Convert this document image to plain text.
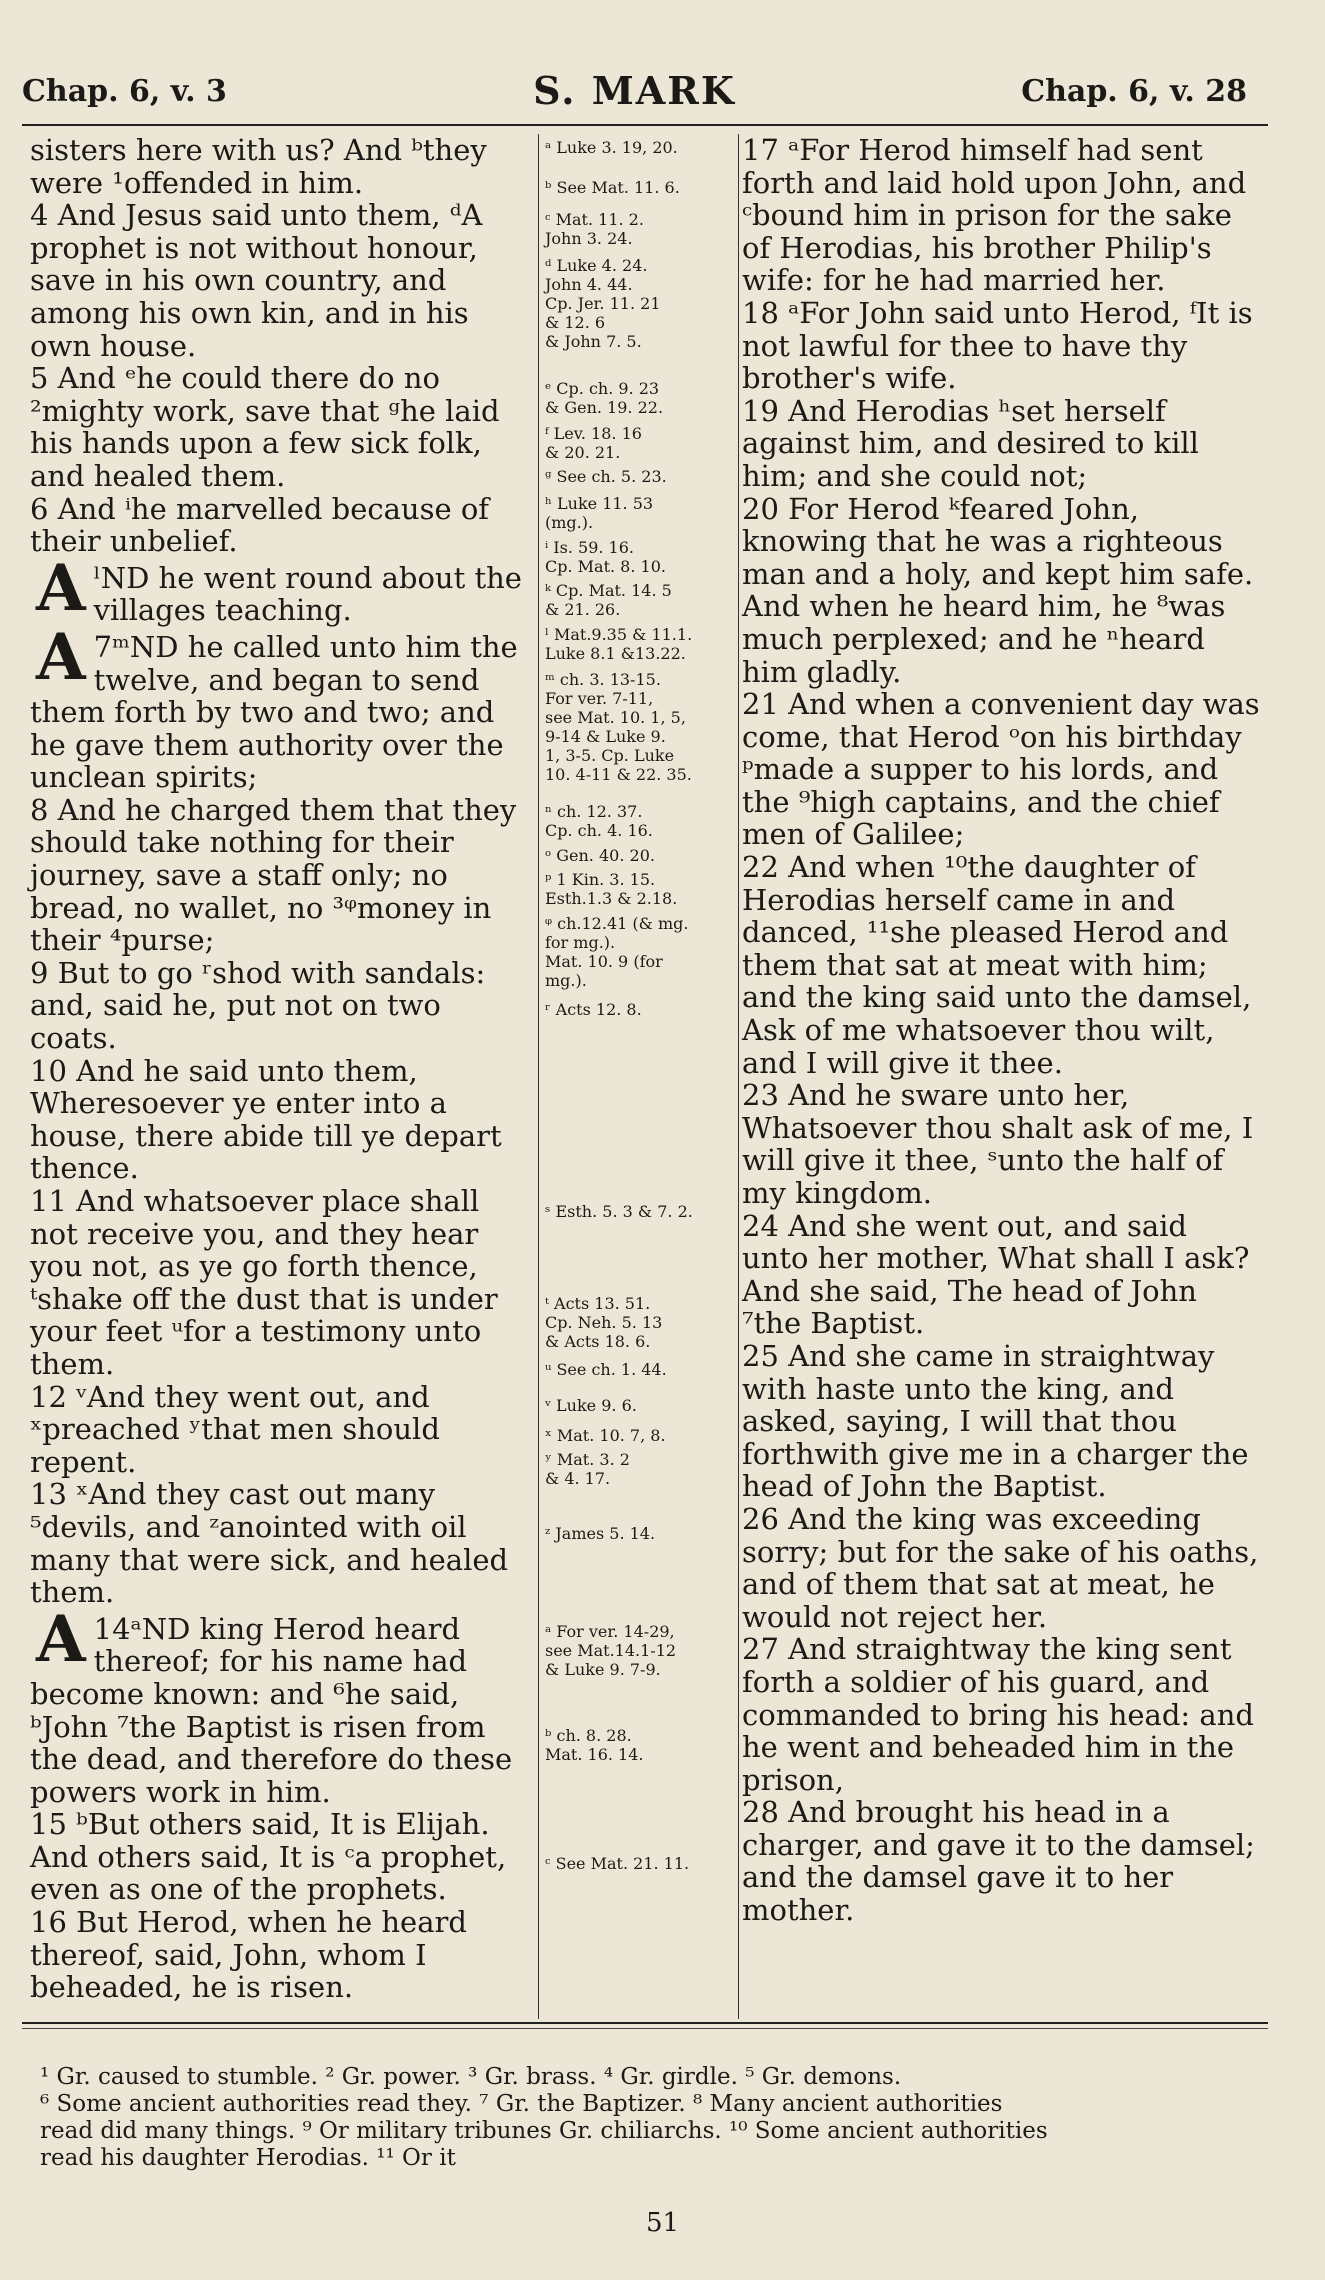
Chap. 6, v. 3	S. MARK	Chap. 6, v. 28

sisters here with us? And ᵇthey were ¹offended in him.

4 And Jesus said unto them, ᵈA prophet is not without honour, save in his own country, and among his own kin, and in his own house.

5 And ᵉhe could there do no ²mighty work, save that ᵍhe laid his hands upon a few sick folk, and healed them.

6 And ⁱhe marvelled because of their unbelief.

ˡ
A ND he went round about the villages teaching.
7ᵐ
A ND he called unto him the twelve, and began to send them forth by two and two; and he gave them authority over the unclean spirits;

8 And he charged them that they should take nothing for their journey, save a staff only; no bread, no wallet, no ³ᵠmoney in their ⁴purse;

9 But to go ʳshod with sandals: and, said he, put not on two coats.

10 And he said unto them, Wheresoever ye enter into a house, there abide till ye depart thence.

11 And whatsoever place shall not receive you, and they hear you not, as ye go forth thence, ᵗshake off the dust that is under your feet ᵘfor a testimony unto them.

12 ᵛAnd they went out, and ˣpreached ʸthat men should repent.

13 ˣAnd they cast out many ⁵devils, and ᶻanointed with oil many that were sick, and healed them.

14ᵃ
A ND king Herod heard thereof; for his name had become known: and ⁶he said, ᵇJohn ⁷the Baptist is risen from the dead, and therefore do these powers work in him.

15 ᵇBut others said, It is Elijah. And others said, It is ᶜa prophet, even as one of the prophets.

16 But Herod, when he heard thereof, said, John, whom I beheaded, he is risen.

ᵃ Luke 3. 19, 20.
ᵇ See Mat. 11. 6.
ᶜ Mat. 11. 2.
John 3. 24.
ᵈ Luke 4. 24.
John 4. 44.
Cp. Jer. 11. 21
& 12. 6
& John 7. 5.
ᵉ Cp. ch. 9. 23
& Gen. 19. 22.
ᶠ Lev. 18. 16
& 20. 21.
ᵍ See ch. 5. 23.
ʰ Luke 11. 53
(mg.).
ⁱ Is. 59. 16.
Cp. Mat. 8. 10.
ᵏ Cp. Mat. 14. 5
& 21. 26.
ˡ Mat.9.35 & 11.1.
Luke 8.1 &13.22.
ᵐ ch. 3. 13-15.
For ver. 7-11,
see Mat. 10. 1, 5,
9-14 & Luke 9.
1, 3-5. Cp. Luke
10. 4-11 & 22. 35.
ⁿ ch. 12. 37.
Cp. ch. 4. 16.
ᵒ Gen. 40. 20.
ᵖ 1 Kin. 3. 15.
Esth.1.3 & 2.18.
ᵠ ch.12.41 (& mg.
for mg.).
Mat. 10. 9 (for
mg.).
ʳ Acts 12. 8.
ˢ Esth. 5. 3 & 7. 2.
ᵗ Acts 13. 51.
Cp. Neh. 5. 13
& Acts 18. 6.
ᵘ See ch. 1. 44.
ᵛ Luke 9. 6.
ˣ Mat. 10. 7, 8.
ʸ Mat. 3. 2
& 4. 17.
ᶻ James 5. 14.
ᵃ For ver. 14-29,
see Mat.14.1-12
& Luke 9. 7-9.
ᵇ ch. 8. 28.
Mat. 16. 14.
ᶜ See Mat. 21. 11.

17 ᵃFor Herod himself had sent forth and laid hold upon John, and ᶜbound him in prison for the sake of Herodias, his brother Philip's wife: for he had married her.

18 ᵃFor John said unto Herod, ᶠIt is not lawful for thee to have thy brother's wife.

19 And Herodias ʰset herself against him, and desired to kill him; and she could not;

20 For Herod ᵏfeared John, knowing that he was a righteous man and a holy, and kept him safe. And when he heard him, he ⁸was much perplexed; and he ⁿheard him gladly.

21 And when a convenient day was come, that Herod ᵒon his birthday ᵖmade a supper to his lords, and the ⁹high captains, and the chief men of Galilee;

22 And when ¹⁰the daughter of Herodias herself came in and danced, ¹¹she pleased Herod and them that sat at meat with him; and the king said unto the damsel, Ask of me whatsoever thou wilt, and I will give it thee.

23 And he sware unto her, Whatsoever thou shalt ask of me, I will give it thee, ˢunto the half of my kingdom.

24 And she went out, and said unto her mother, What shall I ask? And she said, The head of John ⁷the Baptist.

25 And she came in straightway with haste unto the king, and asked, saying, I will that thou forthwith give me in a charger the head of John the Baptist.

26 And the king was exceeding sorry; but for the sake of his oaths, and of them that sat at meat, he would not reject her.

27 And straightway the king sent forth a soldier of his guard, and commanded to bring his head: and he went and beheaded him in the prison,

28 And brought his head in a charger, and gave it to the damsel; and the damsel gave it to her mother.

¹ Gr. caused to stumble. ² Gr. power. ³ Gr. brass. ⁴ Gr. girdle. ⁵ Gr. demons.
⁶ Some ancient authorities read they. ⁷ Gr. the Baptizer. ⁸ Many ancient authorities
read did many things. ⁹ Or military tribunes Gr. chiliarchs. ¹⁰ Some ancient authorities
read his daughter Herodias. ¹¹ Or it
51
